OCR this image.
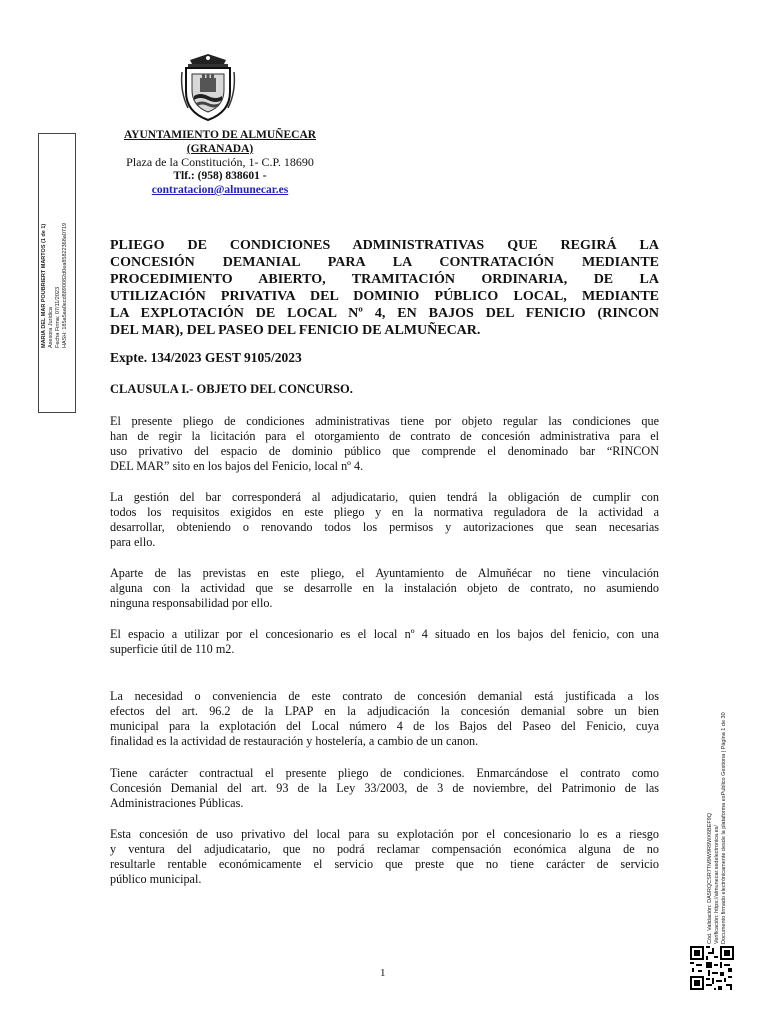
AYUNTAMIENTO DE ALMUÑECAR

(GRANADA)

Plaza de la Constitución, 1- C.P. 18690

Tlf.: (958) 838601 -

contratacion@almunecar.es

MARIA DEL MAR POUBRIERT MARTOS (1 de 1) Asesora Jurídica Fecha Firma: 07/11/2023 HASH: 185a5aa0ecd8890082d0ea85822368a0719
Cód. Validación: DA5RQCSR7TM9W9R9WX6BEF9Q Verificación: https://almunecar.sedelectronica.es/ Documento firmado electrónicamente desde la plataforma esPublico Gestiona | Página 1 de 30
PLIEGO DE CONDICIONES ADMINISTRATIVAS QUE REGIRÁ LA
CONCESIÓN DEMANIAL PARA LA CONTRATACIÓN MEDIANTE
PROCEDIMIENTO ABIERTO, TRAMITACIÓN ORDINARIA, DE LA
UTILIZACIÓN PRIVATIVA DEL DOMINIO PÚBLICO LOCAL, MEDIANTE
LA EXPLOTACIÓN DE LOCAL Nº 4, EN BAJOS DEL FENICIO (RINCON
DEL MAR), DEL PASEO DEL FENICIO DE ALMUÑECAR.

Expte. 134/2023 GEST 9105/2023

CLAUSULA I.- OBJETO DEL CONCURSO.

El presente pliego de condiciones administrativas tiene por objeto regular las condiciones que
han de regir la licitación para el otorgamiento de contrato de concesión administrativa para el
uso privativo del espacio de dominio público que comprende el denominado bar “RINCON
DEL MAR” sito en los bajos del Fenicio, local nº 4.
La gestión del bar corresponderá al adjudicatario, quien tendrá la obligación de cumplir con
todos los requisitos exigidos en este pliego y en la normativa reguladora de la actividad a
desarrollar, obteniendo o renovando todos los permisos y autorizaciones que sean necesarias
para ello.
Aparte de las previstas en este pliego, el Ayuntamiento de Almuñécar no tiene vinculación
alguna con la actividad que se desarrolle en la instalación objeto de contrato, no asumiendo
ninguna responsabilidad por ello.
El espacio a utilizar por el concesionario es el local nº 4 situado en los bajos del fenicio, con una
superficie útil de 110 m2.
La necesidad o conveniencia de este contrato de concesión demanial está justificada a los
efectos del art. 96.2 de la LPAP en la adjudicación la concesión demanial sobre un bien
municipal para la explotación del Local número 4 de los Bajos del Paseo del Fenicio, cuya
finalidad es la actividad de restauración y hostelería, a cambio de un canon.
Tiene carácter contractual el presente pliego de condiciones. Enmarcándose el contrato como
Concesión Demanial del art. 93 de la Ley 33/2003, de 3 de noviembre, del Patrimonio de las
Administraciones Públicas.
Esta concesión de uso privativo del local para su explotación por el concesionario lo es a riesgo
y ventura del adjudicatario, que no podrá reclamar compensación económica alguna de no
resultarle rentable económicamente el servicio que preste que no tiene carácter de servicio
público municipal.
1
